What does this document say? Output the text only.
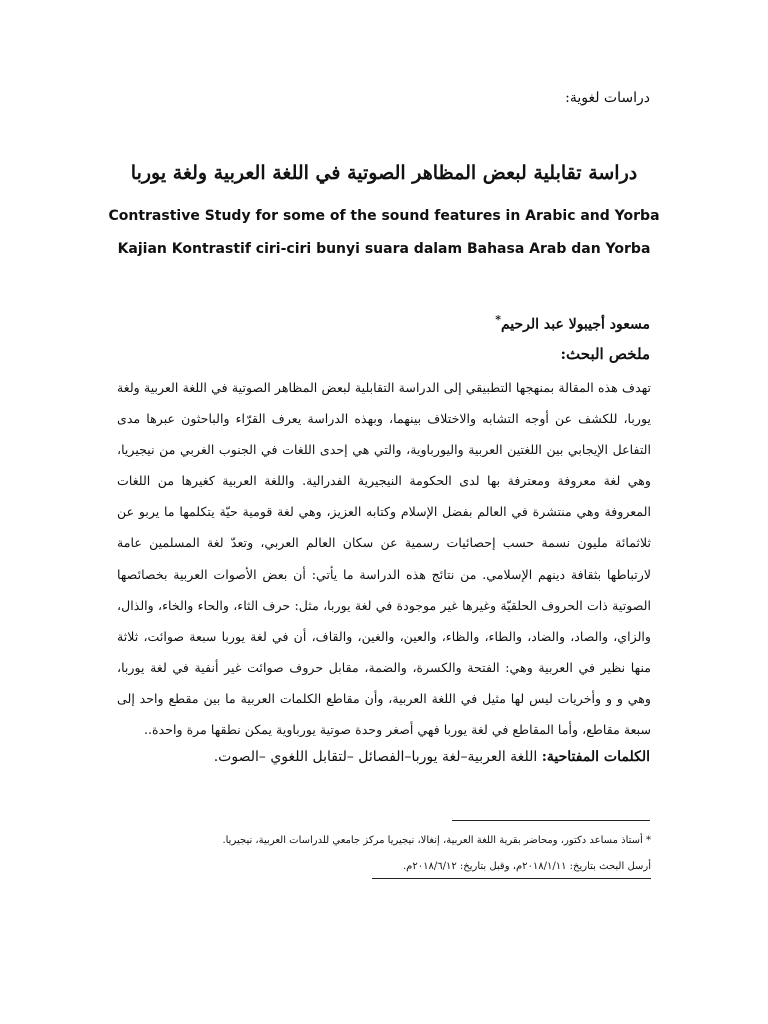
دراسات لغوية:
دراسة تقابلية لبعض المظاهر الصوتية في اللغة العربية ولغة يوربا
Contrastive Study for some of the sound features in Arabic and Yorba
Kajian Kontrastif ciri-ciri bunyi suara dalam Bahasa Arab dan Yorba
مسعود أجيبولا عبد الرحيم*
ملخص البحث:

تهدف هذه المقالة بمنهجها التطبيقي إلى الدراسة التقابلية لبعض المظاهر الصوتية في اللغة العربية ولغة يوربا، للكشف عن أوجه التشابه والاختلاف بينهما، وبهذه الدراسة يعرف القرّاء والباحثون عبرها مدى التفاعل الإيجابي بين اللغتين العربية واليورباوية، والتي هي إحدى اللغات في الجنوب الغربي من نيجيريا، وهي لغة معروفة ومعترفة بها لدى الحكومة النيجيرية الفدرالية. واللغة العربية كغيرها من اللغات المعروفة وهي منتشرة في العالم بفضل الإسلام وكتابه العزيز، وهي لغة قومية حيّة يتكلمها ما يربو عن ثلاثمائة مليون نسمة حسب إحصائيات رسمية عن سكان العالم العربي، وتعدّ لغة المسلمين عامة لارتباطها بثقافة دينهم الإسلامي. من نتائج هذه الدراسة ما يأتي: أن بعض الأصوات العربية بخصائصها الصوتية ذات الحروف الحلقيّة وغيرها غير موجودة في لغة يوربا، مثل: حرف الثاء، والحاء والخاء، والذال، والزاي، والصاد، والضاد، والطاء، والظاء، والعين، والغين، والقاف، أن في لغة يوربا سبعة صوائت، ثلاثة منها نظير في العربية وهي: الفتحة والكسرة، والضمة، مقابل حروف صوائت غير أنفية في لغة يوربا، وهي و و وأخريات ليس لها مثيل في اللغة العربية، وأن مقاطع الكلمات العربية ما بين مقطع واحد إلى سبعة مقاطع، وأما المقاطع في لغة يوربا فهي أصغر وحدة صوتية يورباوية يمكن نطقها مرة واحدة..

الكلمات المفتاحية: اللغة العربية–لغة يوربا–الفصائل –لتقابل اللغوي –الصوت.
* أستاذ مساعد دكتور، ومحاضر بقرية اللغة العربية، إنغالا، نيجيريا مركز جامعي للدراسات العربية، نيجيريا.
أرسل البحث بتاريخ: ٢٠١٨/١/١١م، وقبل بتاريخ: ٢٠١٨/٦/١٢م.
